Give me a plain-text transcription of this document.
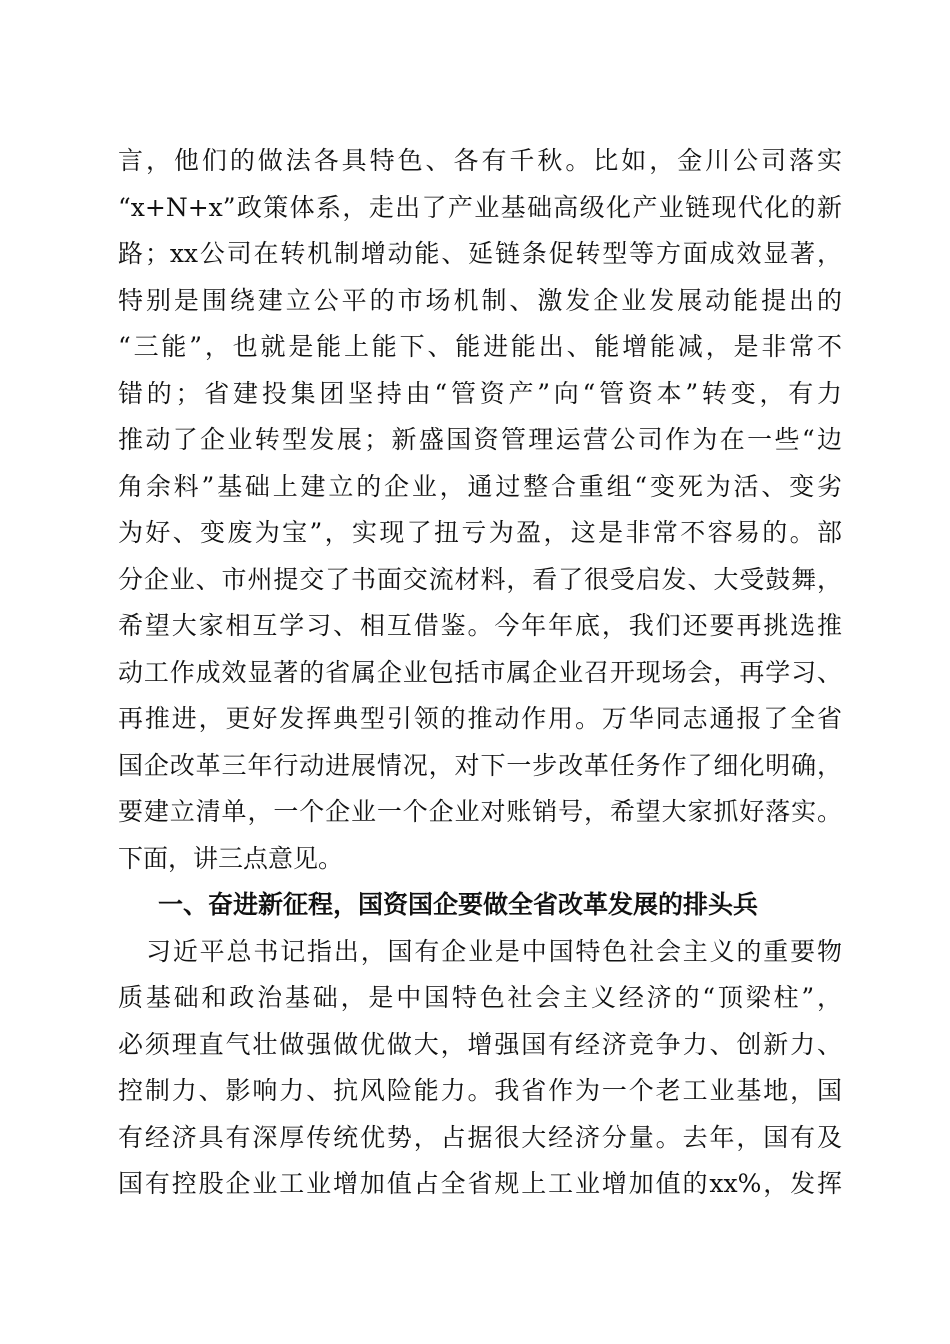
言，他们的做法各具特色、各有千秋。比如，金川公司落实
“x+N+x”政策体系，走出了产业基础高级化产业链现代化的新
路；xx公司在转机制增动能、延链条促转型等方面成效显著，
特别是围绕建立公平的市场机制、激发企业发展动能提出的
“三能”，也就是能上能下、能进能出、能增能减，是非常不
错的；省建投集团坚持由“管资产”向“管资本”转变，有力
推动了企业转型发展；新盛国资管理运营公司作为在一些“边
角余料”基础上建立的企业，通过整合重组“变死为活、变劣
为好、变废为宝”，实现了扭亏为盈，这是非常不容易的。部
分企业、市州提交了书面交流材料，看了很受启发、大受鼓舞，
希望大家相互学习、相互借鉴。今年年底，我们还要再挑选推
动工作成效显著的省属企业包括市属企业召开现场会，再学习、
再推进，更好发挥典型引领的推动作用。万华同志通报了全省
国企改革三年行动进展情况，对下一步改革任务作了细化明确，
要建立清单，一个企业一个企业对账销号，希望大家抓好落实。
下面，讲三点意见。
一、奋进新征程，国资国企要做全省改革发展的排头兵
习近平总书记指出，国有企业是中国特色社会主义的重要物
质基础和政治基础，是中国特色社会主义经济的“顶梁柱”，
必须理直气壮做强做优做大，增强国有经济竞争力、创新力、
控制力、影响力、抗风险能力。我省作为一个老工业基地，国
有经济具有深厚传统优势，占据很大经济分量。去年，国有及
国有控股企业工业增加值占全省规上工业增加值的xx%，发挥
